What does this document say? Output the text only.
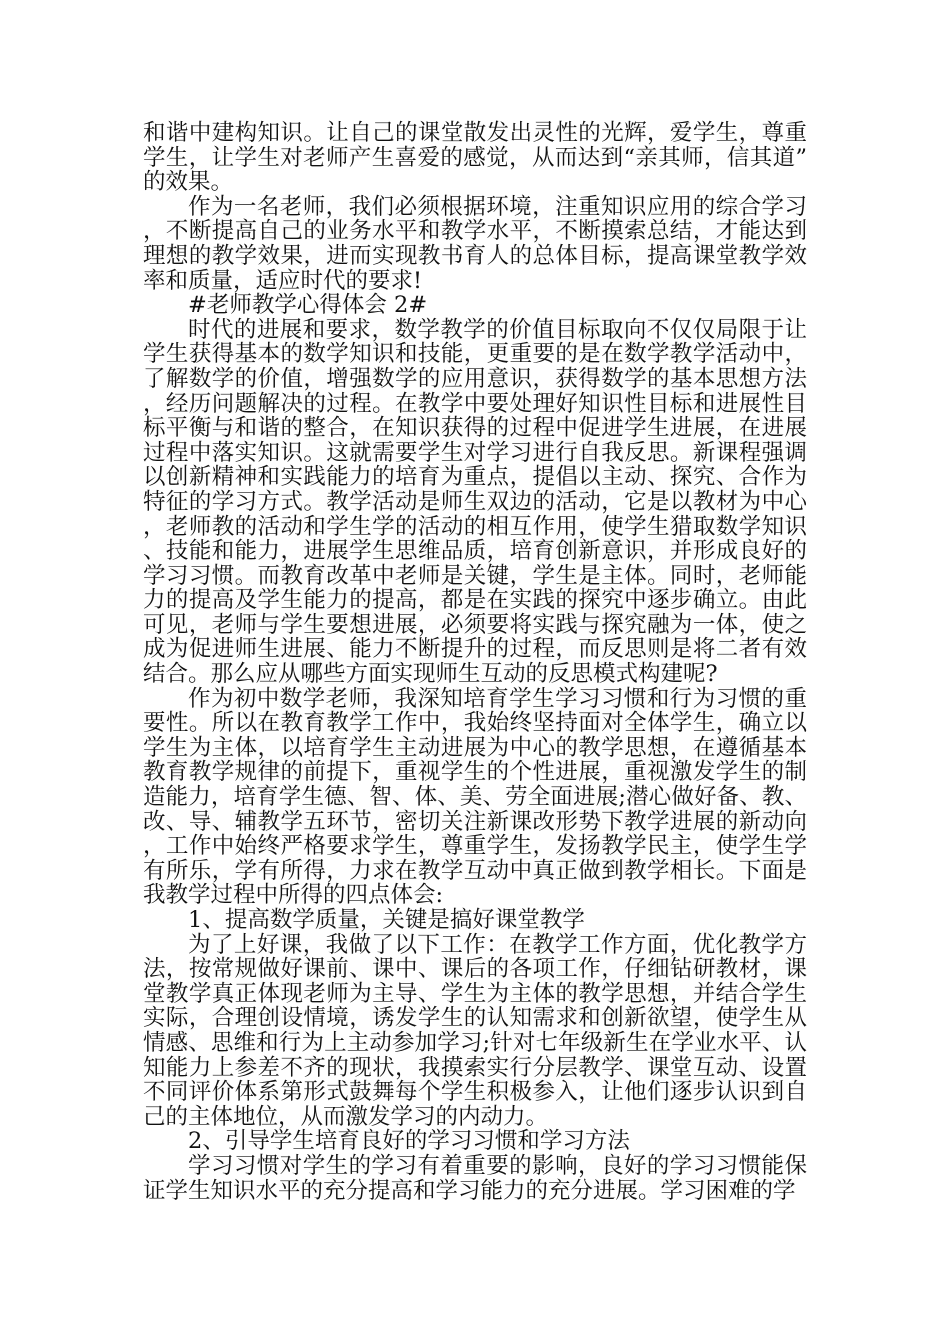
和谐中建构知识。让自己的课堂散发出灵性的光辉，爱学生，尊重学生，让学生对老师产生喜爱的感觉，从而达到“亲其师，信其道”的效果。

作为一名老师，我们必须根据环境，注重知识应用的综合学习，不断提高自己的业务水平和教学水平，不断摸索总结，才能达到理想的教学效果，进而实现教书育人的总体目标，提高课堂教学效率和质量，适应时代的要求!

#老师教学心得体会 2#

时代的进展和要求，数学教学的价值目标取向不仅仅局限于让学生获得基本的数学知识和技能，更重要的是在数学教学活动中，了解数学的价值，增强数学的应用意识，获得数学的基本思想方法，经历问题解决的过程。在教学中要处理好知识性目标和进展性目标平衡与和谐的整合，在知识获得的过程中促进学生进展，在进展过程中落实知识。这就需要学生对学习进行自我反思。新课程强调以创新精神和实践能力的培育为重点，提倡以主动、探究、合作为特征的学习方式。教学活动是师生双边的活动，它是以教材为中心，老师教的活动和学生学的活动的相互作用，使学生猎取数学知识、技能和能力，进展学生思维品质，培育创新意识，并形成良好的学习习惯。而教育改革中老师是关键，学生是主体。同时，老师能力的提高及学生能力的提高，都是在实践的探究中逐步确立。由此可见，老师与学生要想进展，必须要将实践与探究融为一体，使之成为促进师生进展、能力不断提升的过程，而反思则是将二者有效结合。那么应从哪些方面实现师生互动的反思模式构建呢?

作为初中数学老师，我深知培育学生学习习惯和行为习惯的重要性。所以在教育教学工作中，我始终坚持面对全体学生，确立以学生为主体，以培育学生主动进展为中心的教学思想，在遵循基本教育教学规律的前提下，重视学生的个性进展，重视激发学生的制造能力，培育学生德、智、体、美、劳全面进展;潜心做好备、教、改、导、辅教学五环节，密切关注新课改形势下教学进展的新动向，工作中始终严格要求学生，尊重学生，发扬教学民主，使学生学有所乐，学有所得，力求在教学互动中真正做到教学相长。下面是我教学过程中所得的四点体会:

1、提高数学质量，关键是搞好课堂教学

为了上好课，我做了以下工作：在教学工作方面，优化教学方法，按常规做好课前、课中、课后的各项工作，仔细钻研教材，课堂教学真正体现老师为主导、学生为主体的教学思想，并结合学生实际，合理创设情境，诱发学生的认知需求和创新欲望，使学生从情感、思维和行为上主动参加学习;针对七年级新生在学业水平、认知能力上参差不齐的现状，我摸索实行分层教学、课堂互动、设置不同评价体系第形式鼓舞每个学生积极参入，让他们逐步认识到自己的主体地位，从而激发学习的内动力。

2、引导学生培育良好的学习习惯和学习方法

学习习惯对学生的学习有着重要的影响，良好的学习习惯能保证学生知识水平的充分提高和学习能力的充分进展。学习困难的学
